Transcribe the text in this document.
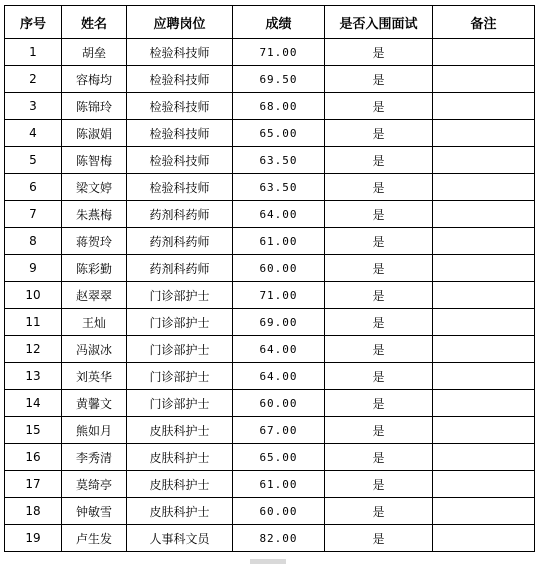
序号	姓名	应聘岗位	成绩	是否入围面试	备注
1	胡垒	检验科技师	71.00	是	
2	容梅均	检验科技师	69.50	是	
3	陈锦玲	检验科技师	68.00	是	
4	陈淑娟	检验科技师	65.00	是	
5	陈智梅	检验科技师	63.50	是	
6	梁文婷	检验科技师	63.50	是	
7	朱燕梅	药剂科药师	64.00	是	
8	蒋贺玲	药剂科药师	61.00	是	
9	陈彩勤	药剂科药师	60.00	是	
10	赵翠翠	门诊部护士	71.00	是	
11	王灿	门诊部护士	69.00	是	
12	冯淑冰	门诊部护士	64.00	是	
13	刘英华	门诊部护士	64.00	是	
14	黄馨文	门诊部护士	60.00	是	
15	熊如月	皮肤科护士	67.00	是	
16	李秀清	皮肤科护士	65.00	是	
17	莫绮亭	皮肤科护士	61.00	是	
18	钟敏雪	皮肤科护士	60.00	是	
19	卢生发	人事科文员	82.00	是	
